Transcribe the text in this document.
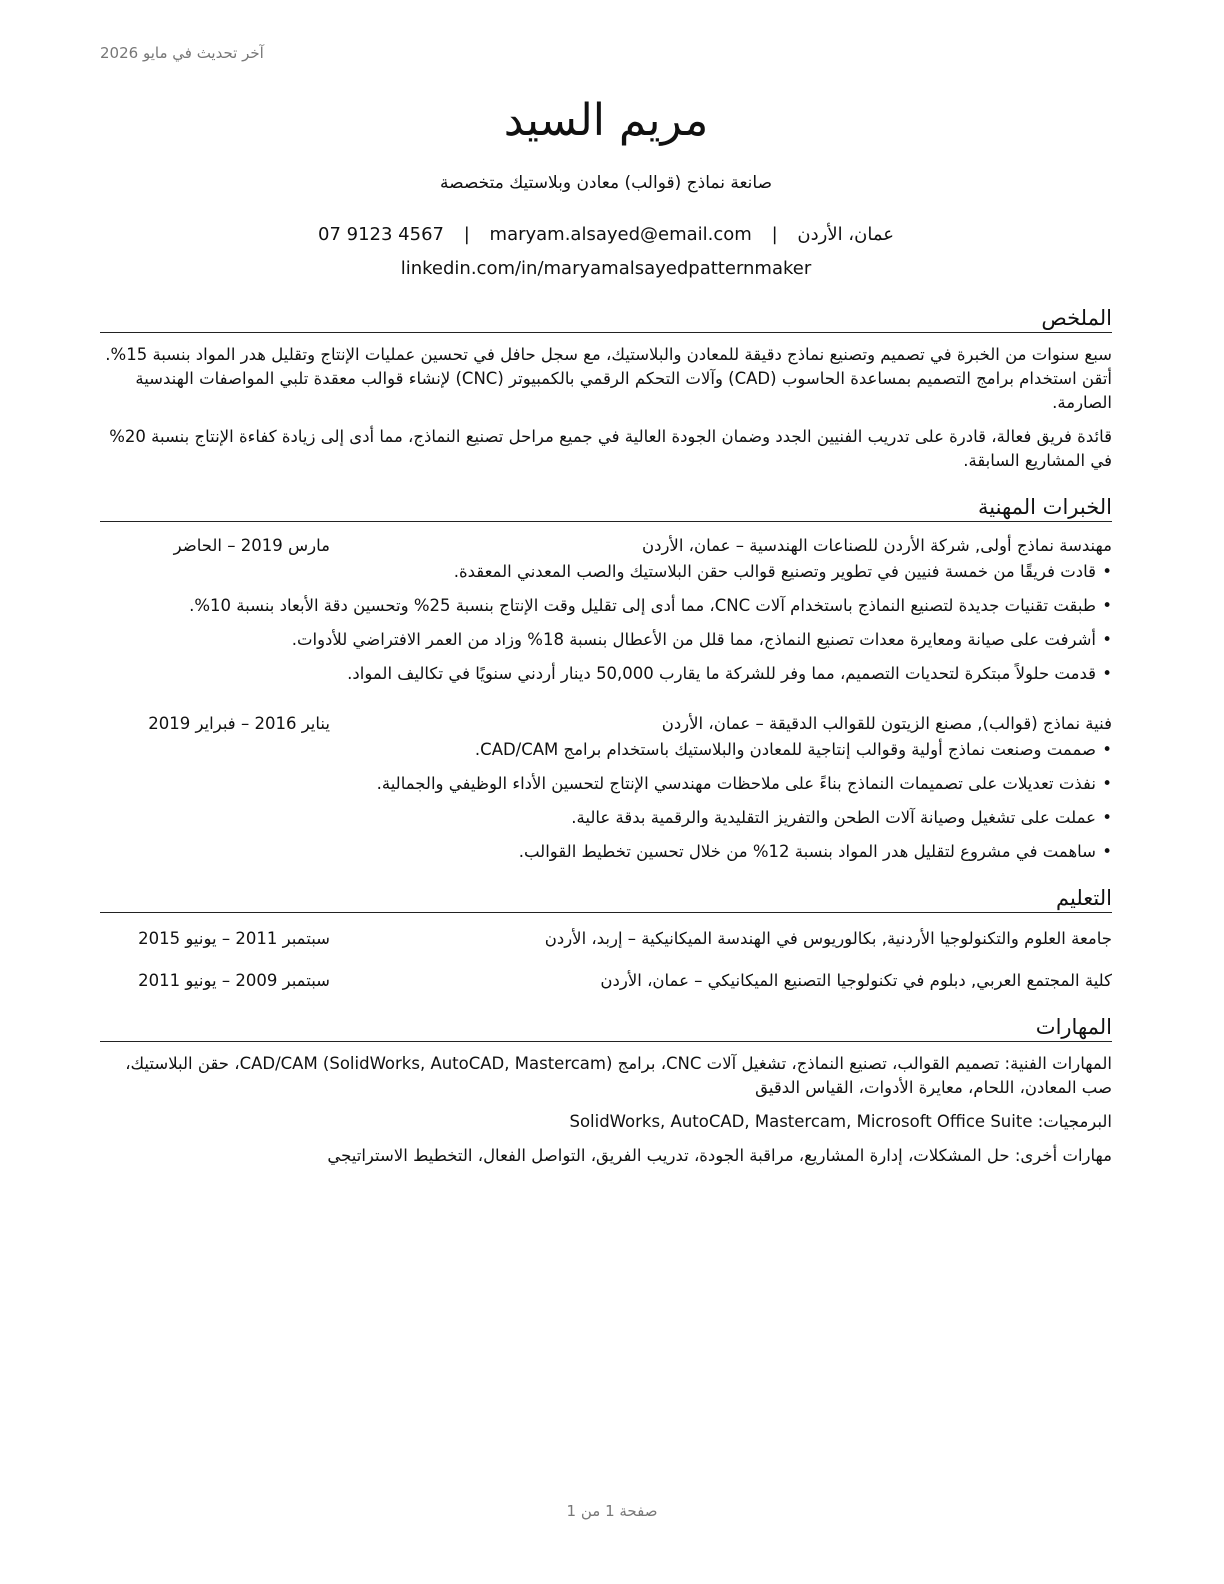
آخر تحديث في مايو 2026
مريم السيد
صانعة نماذج (قوالب) معادن وبلاستيك متخصصة
عمان، الأردن | maryam.alsayed@email.com | 07 9123 4567
linkedin.com/in/maryamalsayedpatternmaker
الملخص

سبع سنوات من الخبرة في تصميم وتصنيع نماذج دقيقة للمعادن والبلاستيك، مع سجل حافل في تحسين عمليات الإنتاج وتقليل هدر المواد بنسبة 15%. أتقن استخدام برامج التصميم بمساعدة الحاسوب (CAD) وآلات التحكم الرقمي بالكمبيوتر (CNC) لإنشاء قوالب معقدة تلبي المواصفات الهندسية الصارمة.

قائدة فريق فعالة، قادرة على تدريب الفنيين الجدد وضمان الجودة العالية في جميع مراحل تصنيع النماذج، مما أدى إلى زيادة كفاءة الإنتاج بنسبة 20% في المشاريع السابقة.

الخبرات المهنية
مهندسة نماذج أولى, شركة الأردن للصناعات الهندسية – عمان، الأردن
مارس 2019 – الحاضر
• قادت فريقًا من خمسة فنيين في تطوير وتصنيع قوالب حقن البلاستيك والصب المعدني المعقدة.
• طبقت تقنيات جديدة لتصنيع النماذج باستخدام آلات CNC، مما أدى إلى تقليل وقت الإنتاج بنسبة 25% وتحسين دقة الأبعاد بنسبة 10%.
• أشرفت على صيانة ومعايرة معدات تصنيع النماذج، مما قلل من الأعطال بنسبة 18% وزاد من العمر الافتراضي للأدوات.
• قدمت حلولاً مبتكرة لتحديات التصميم، مما وفر للشركة ما يقارب 50,000 دينار أردني سنويًا في تكاليف المواد.
فنية نماذج (قوالب), مصنع الزيتون للقوالب الدقيقة – عمان، الأردن
يناير 2016 – فبراير 2019
• صممت وصنعت نماذج أولية وقوالب إنتاجية للمعادن والبلاستيك باستخدام برامج CAD/CAM.
• نفذت تعديلات على تصميمات النماذج بناءً على ملاحظات مهندسي الإنتاج لتحسين الأداء الوظيفي والجمالية.
• عملت على تشغيل وصيانة آلات الطحن والتفريز التقليدية والرقمية بدقة عالية.
• ساهمت في مشروع لتقليل هدر المواد بنسبة 12% من خلال تحسين تخطيط القوالب.
التعليم
جامعة العلوم والتكنولوجيا الأردنية, بكالوريوس في الهندسة الميكانيكية – إربد، الأردن
سبتمبر 2011 – يونيو 2015
كلية المجتمع العربي, دبلوم في تكنولوجيا التصنيع الميكانيكي – عمان، الأردن
سبتمبر 2009 – يونيو 2011
المهارات
المهارات الفنية: تصميم القوالب، تصنيع النماذج، تشغيل آلات CNC، برامج CAD/CAM (SolidWorks, AutoCAD, Mastercam)، حقن البلاستيك، صب المعادن، اللحام، معايرة الأدوات، القياس الدقيق
البرمجيات: SolidWorks, AutoCAD, Mastercam, Microsoft Office Suite
مهارات أخرى: حل المشكلات، إدارة المشاريع، مراقبة الجودة، تدريب الفريق، التواصل الفعال، التخطيط الاستراتيجي
صفحة 1 من 1
